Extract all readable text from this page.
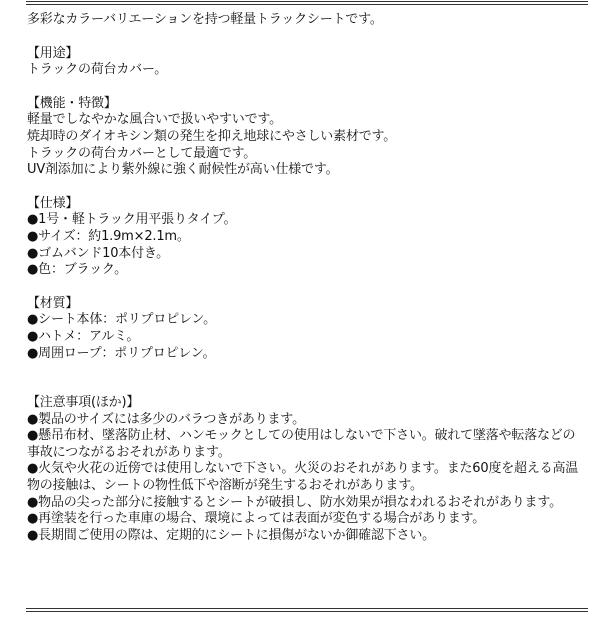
多彩なカラーバリエーションを持つ軽量トラックシートです。

【用途】
トラックの荷台カバー。
【機能・特徴】
軽量でしなやかな風合いで扱いやすいです。
焼却時のダイオキシン類の発生を抑え地球にやさしい素材です。
トラックの荷台カバーとして最適です。
UV剤添加により紫外線に強く耐候性が高い仕様です。
【仕様】
●1号・軽トラック用平張りタイプ。
●サイズ：約1.9m×2.1m。
●ゴムバンド10本付き。
●色：ブラック。
【材質】
●シート本体：ポリプロピレン。
●ハトメ：アルミ。
●周囲ロープ：ポリプロピレン。
【注意事項(ほか)】
●製品のサイズには多少のバラつきがあります。
●懸吊布材、墜落防止材、ハンモックとしての使用はしないで下さい。破れて墜落や転落などの事故につながるおそれがあります。
●火気や火花の近傍では使用しないで下さい。火災のおそれがあります。また60度を超える高温物の接触は、シートの物性低下や溶断が発生するおそれがあります。
●物品の尖った部分に接触するとシートが破損し、防水効果が損なわれるおそれがあります。
●再塗装を行った車庫の場合、環境によっては表面が変色する場合があります。
●長期間ご使用の際は、定期的にシートに損傷がないか御確認下さい。
